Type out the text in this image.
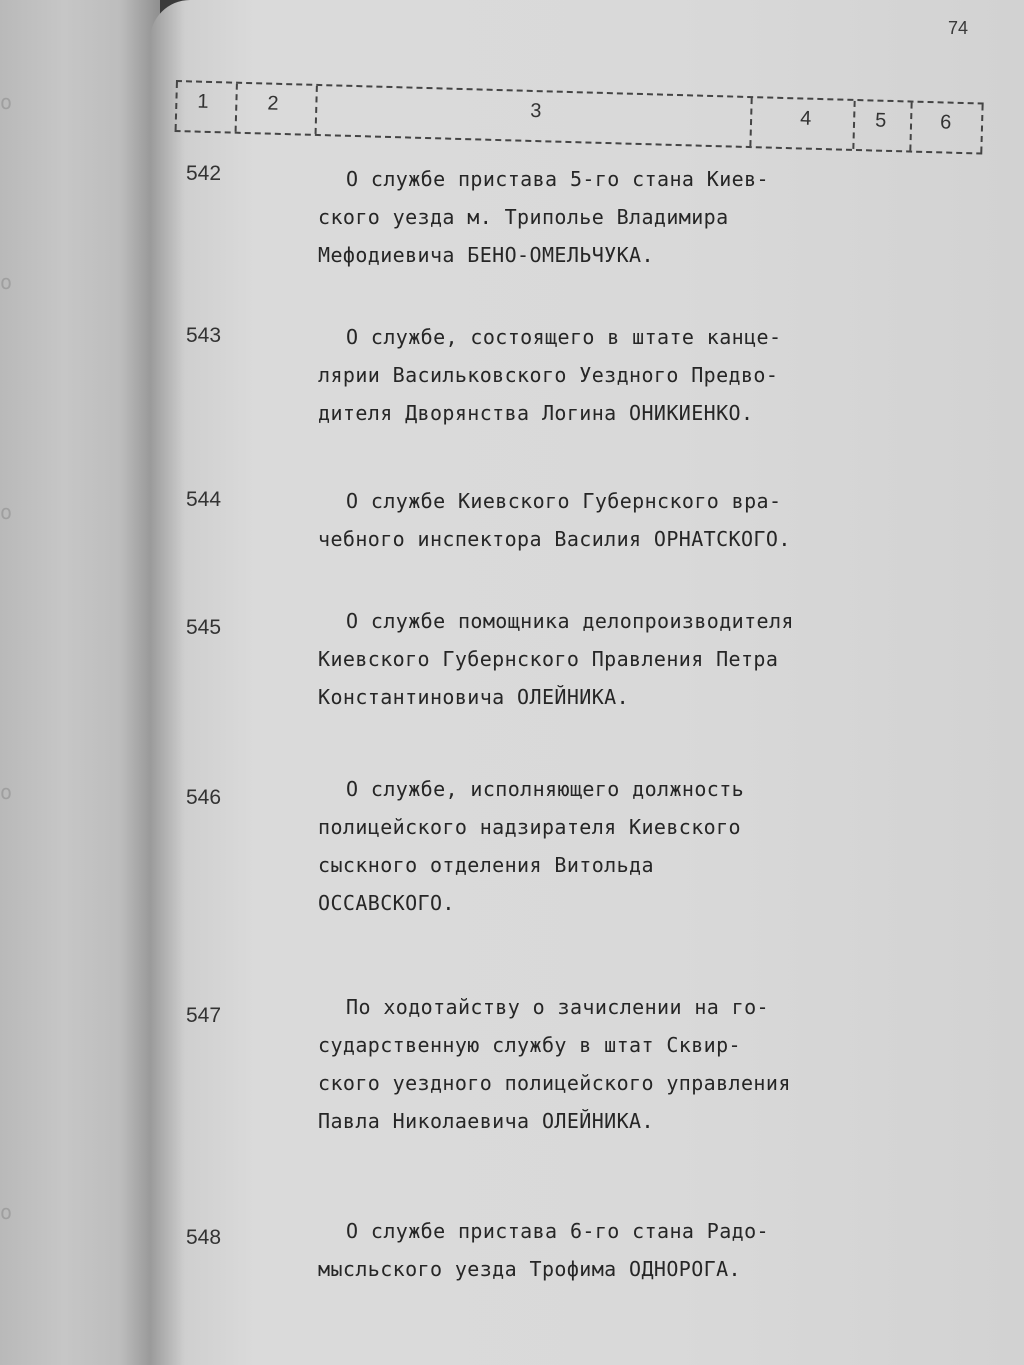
о
о
о
о
о
74
1	2	3	4	5	6
542	О службе пристава 5-го стана Киев-
ского уезда м. Триполье Владимира
Мефодиевича БЕНО-ОМЕЛЬЧУКА.
543	О службе, состоящего в штате канце-
лярии Васильковского Уездного Предво-
дителя Дворянства Логина ОНИКИЕНКО.
544	О службе Киевского Губернского вра-
чебного инспектора Василия ОРНАТСКОГО.
545	О службе помощника делопроизводителя
Киевского Губернского Правления Петра
Константиновича ОЛЕЙНИКА.
546	О службе, исполняющего должность
полицейского надзирателя Киевского
сыскного отделения Витольда
ОССАВСКОГО.
547	По ходотайству о зачислении на го-
сударственную службу в штат Сквир-
ского уездного полицейского управления
Павла Николаевича ОЛЕЙНИКА.
548	О службе пристава 6-го стана Радо-
мысльского уезда Трофима ОДНОРОГА.
